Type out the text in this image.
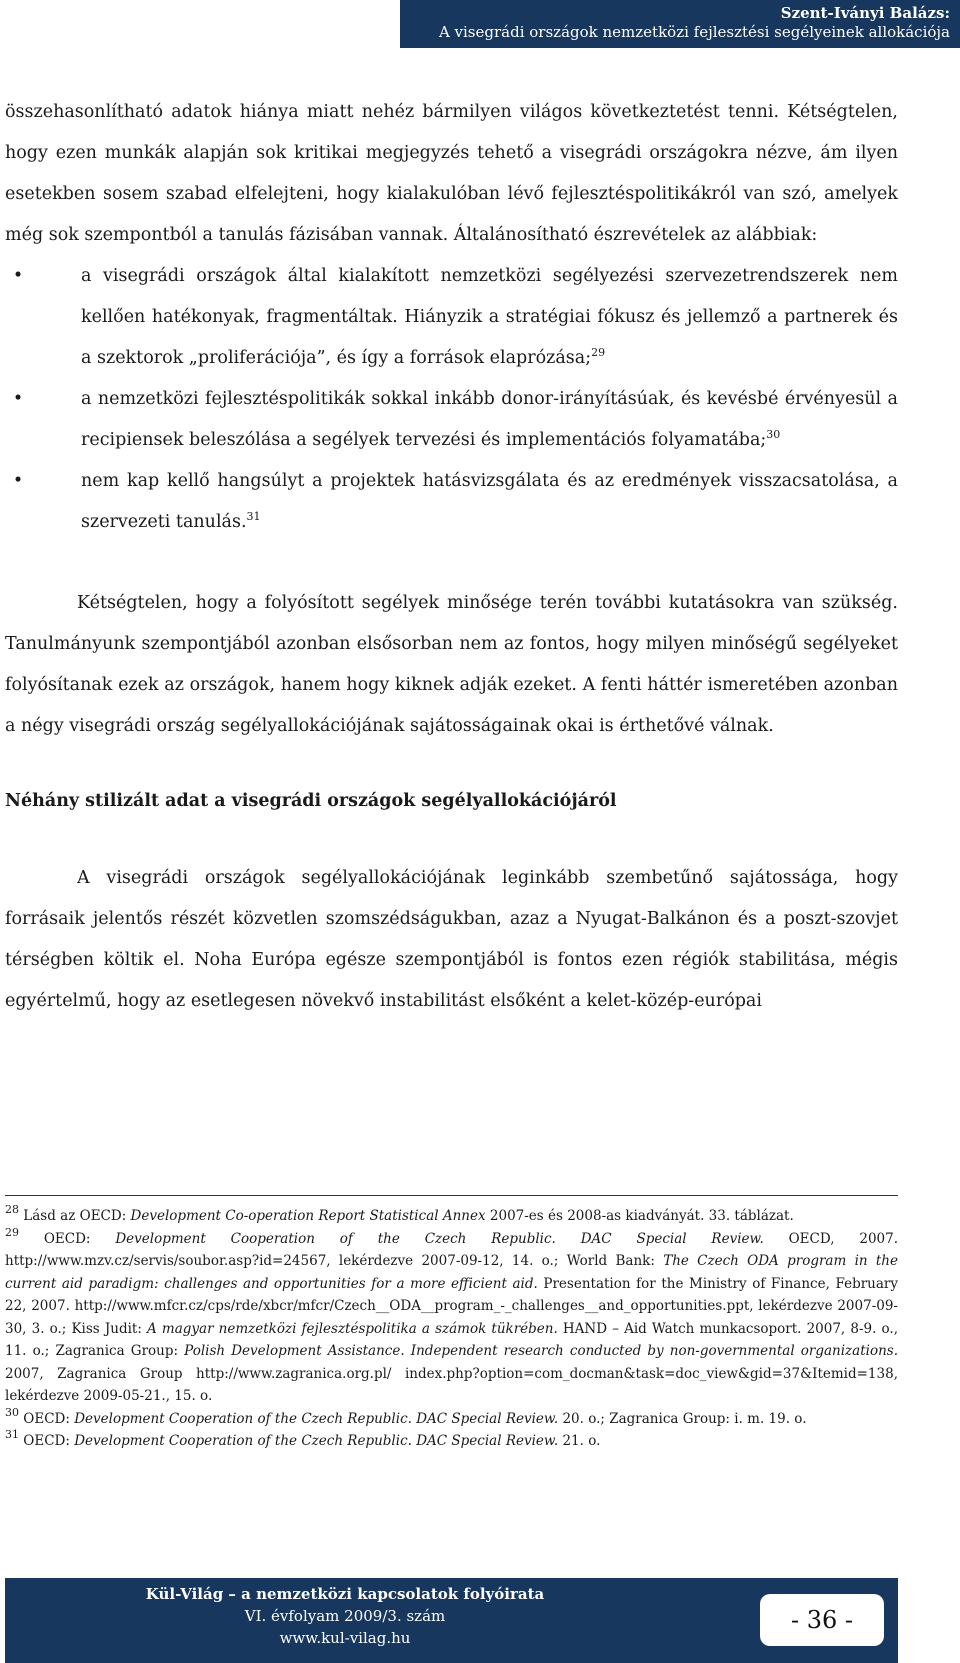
Szent-Iványi Balázs:
A visegrádi országok nemzetközi fejlesztési segélyeinek allokációja

összehasonlítható adatok hiánya miatt nehéz bármilyen világos következtetést tenni. Kétségtelen, hogy ezen munkák alapján sok kritikai megjegyzés tehető a visegrádi országokra nézve, ám ilyen esetekben sosem szabad elfelejteni, hogy kialakulóban lévő fejlesztéspolitikákról van szó, amelyek még sok szempontból a tanulás fázisában vannak. Általánosítható észrevételek az alábbiak:

• a visegrádi országok által kialakított nemzetközi segélyezési szervezetrendszerek nem kellően hatékonyak, fragmentáltak. Hiányzik a stratégiai fókusz és jellemző a partnerek és a szektorok „proliferációja”, és így a források elaprózása;$^{29}$
• a nemzetközi fejlesztéspolitikák sokkal inkább donor-irányításúak, és kevésbé érvényesül a recipiensek beleszólása a segélyek tervezési és implementációs folyamatába;$^{30}$
• nem kap kellő hangsúlyt a projektek hatásvizsgálata és az eredmények visszacsatolása, a szervezeti tanulás.$^{31}$

Kétségtelen, hogy a folyósított segélyek minősége terén további kutatásokra van szükség. Tanulmányunk szempontjából azonban elsősorban nem az fontos, hogy milyen minőségű segélyeket folyósítanak ezek az országok, hanem hogy kiknek adják ezeket. A fenti háttér ismeretében azonban a négy visegrádi ország segélyallokációjának sajátosságainak okai is érthetővé válnak.

Néhány stilizált adat a visegrádi országok segélyallokációjáról

A visegrádi országok segélyallokációjának leginkább szembetűnő sajátossága, hogy forrásaik jelentős részét közvetlen szomszédságukban, azaz a Nyugat-Balkánon és a poszt-szovjet térségben költik el. Noha Európa egésze szempontjából is fontos ezen régiók stabilitása, mégis egyértelmű, hogy az esetlegesen növekvő instabilitást elsőként a kelet-közép-európai

$^{28}$ Lásd az OECD: Development Co-operation Report Statistical Annex 2007-es és 2008-as kiadványát. 33. táblázat.

$^{29}$ OECD: Development Cooperation of the Czech Republic. DAC Special Review. OECD, 2007. http://www.mzv.cz/servis/soubor.asp?id=24567, lekérdezve 2007-09-12, 14. o.; World Bank: The Czech ODA program in the current aid paradigm: challenges and opportunities for a more efficient aid. Presentation for the Ministry of Finance, February 22, 2007. http://www.mfcr.cz/cps/rde/xbcr/mfcr/Czech__ODA__program_-_challenges__and_opportunities.ppt, lekérdezve 2007-09-30, 3. o.; Kiss Judit: A magyar nemzetközi fejlesztéspolitika a számok tükrében. HAND – Aid Watch munkacsoport. 2007, 8-9. o., 11. o.; Zagranica Group: Polish Development Assistance. Independent research conducted by non-governmental organizations. 2007, Zagranica Group http://www.zagranica.org.pl/ index.php?option=com_docman&task=doc_view&gid=37&Itemid=138, lekérdezve 2009-05-21., 15. o.

$^{30}$ OECD: Development Cooperation of the Czech Republic. DAC Special Review. 20. o.; Zagranica Group: i. m. 19. o.

$^{31}$ OECD: Development Cooperation of the Czech Republic. DAC Special Review. 21. o.

Kül-Világ – a nemzetközi kapcsolatok folyóirata
VI. évfolyam 2009/3. szám
www.kul-vilag.hu
- 36 -
